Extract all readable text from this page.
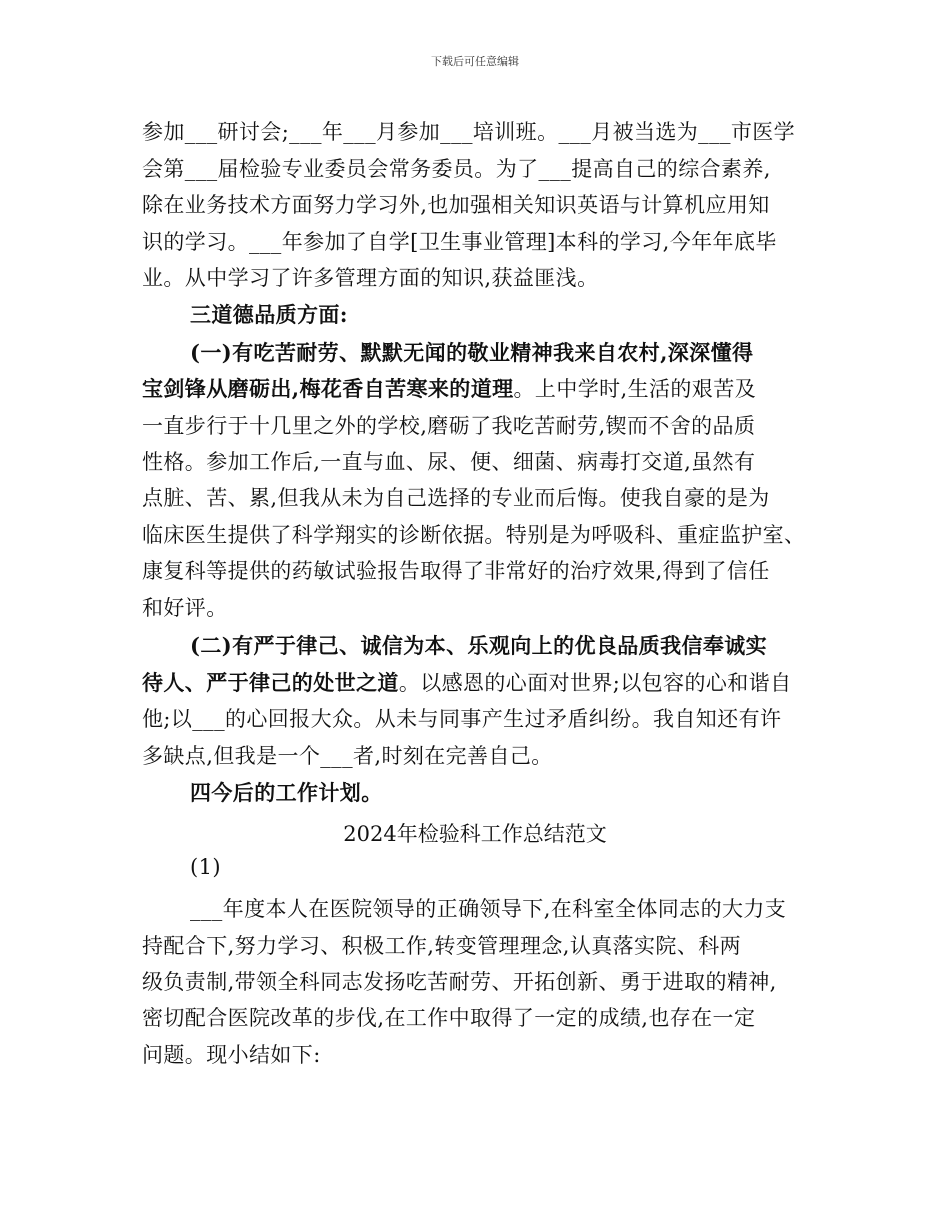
下载后可任意编辑
参加___研讨会;___年___月参加___培训班。___月被当选为___市医学
会第___届检验专业委员会常务委员。为了___提高自己的综合素养,
除在业务技术方面努力学习外,也加强相关知识英语与计算机应用知
识的学习。___年参加了自学[卫生事业管理]本科的学习,今年年底毕
业。从中学习了许多管理方面的知识,获益匪浅。
三道德品质方面:
(一)有吃苦耐劳、默默无闻的敬业精神我来自农村,深深懂得
宝剑锋从磨砺出,梅花香自苦寒来的道理。上中学时,生活的艰苦及
一直步行于十几里之外的学校,磨砺了我吃苦耐劳,锲而不舍的品质
性格。参加工作后,一直与血、尿、便、细菌、病毒打交道,虽然有
点脏、苦、累,但我从未为自己选择的专业而后悔。使我自豪的是为
临床医生提供了科学翔实的诊断依据。特别是为呼吸科、重症监护室、
康复科等提供的药敏试验报告取得了非常好的治疗效果,得到了信任
和好评。
(二)有严于律己、诚信为本、乐观向上的优良品质我信奉诚实
待人、严于律己的处世之道。以感恩的心面对世界;以包容的心和谐自
他;以___的心回报大众。从未与同事产生过矛盾纠纷。我自知还有许
多缺点,但我是一个___者,时刻在完善自己。
四今后的工作计划。
(1)
___年度本人在医院领导的正确领导下,在科室全体同志的大力支
持配合下,努力学习、积极工作,转变管理理念,认真落实院、科两
级负责制,带领全科同志发扬吃苦耐劳、开拓创新、勇于进取的精神,
密切配合医院改革的步伐,在工作中取得了一定的成绩,也存在一定
问题。现小结如下:
2024年检验科工作总结范文
